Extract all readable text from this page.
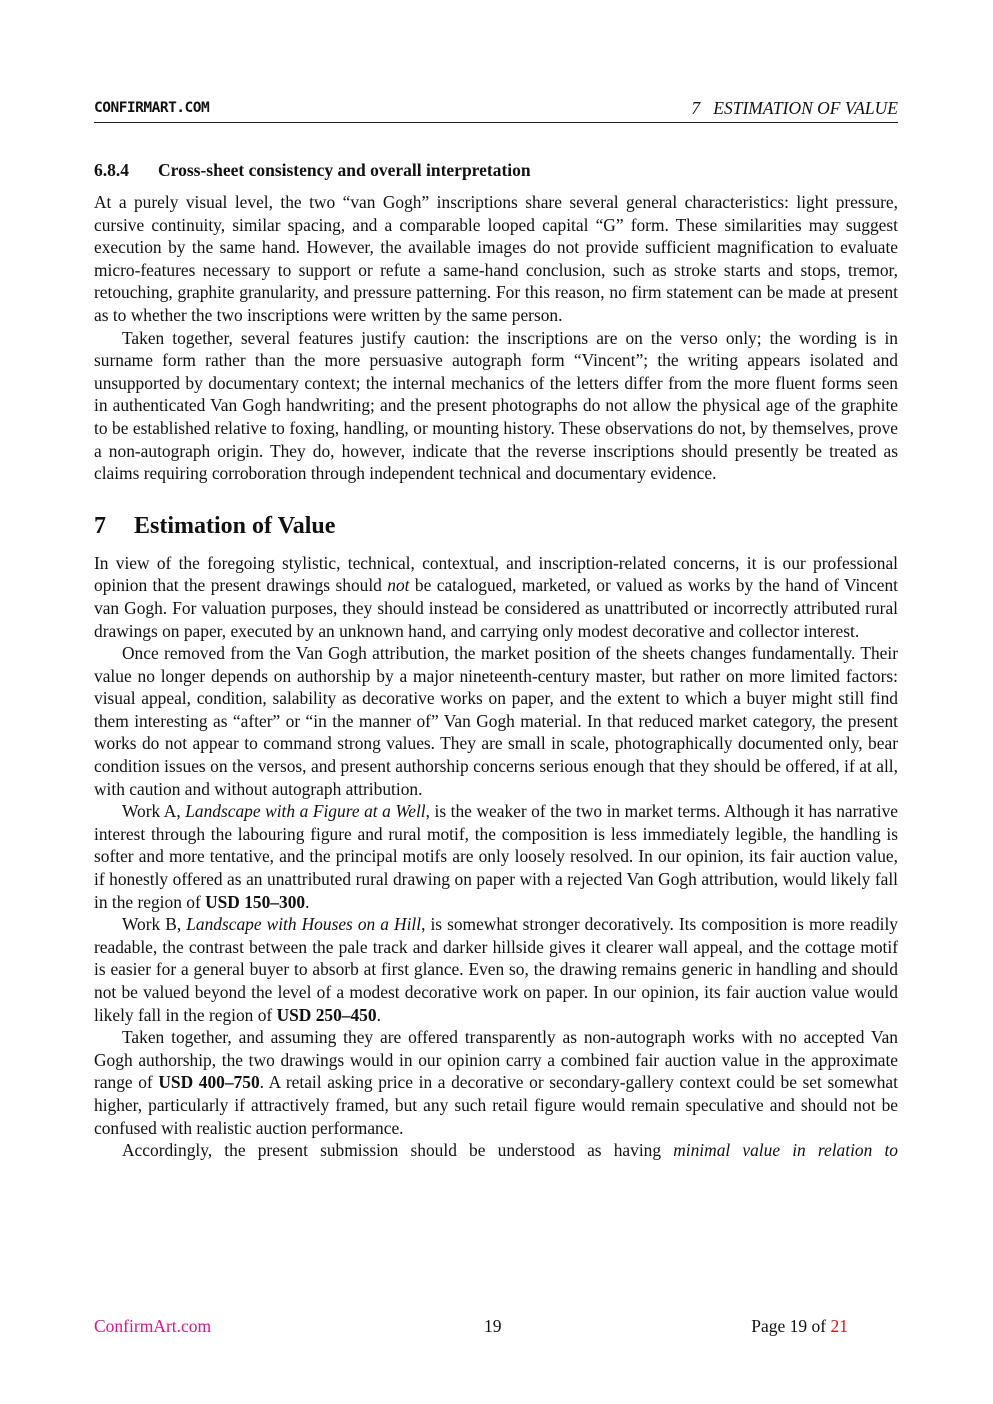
CONFIRMART.COM	7   ESTIMATION OF VALUE
6.8.4 Cross-sheet consistency and overall interpretation

At a purely visual level, the two “van Gogh” inscriptions share several general characteristics: light pressure, cursive continuity, similar spacing, and a comparable looped capital “G” form. These similarities may suggest execution by the same hand. However, the available images do not provide sufficient magnification to evaluate micro-features necessary to support or refute a same-hand conclusion, such as stroke starts and stops, tremor, retouching, graphite granularity, and pressure patterning. For this reason, no firm statement can be made at present as to whether the two inscriptions were written by the same person.

Taken together, several features justify caution: the inscriptions are on the verso only; the wording is in surname form rather than the more persuasive autograph form “Vincent”; the writing appears isolated and unsupported by documentary context; the internal mechanics of the letters differ from the more fluent forms seen in authenticated Van Gogh handwriting; and the present photographs do not allow the physical age of the graphite to be established relative to foxing, handling, or mounting history. These observations do not, by themselves, prove a non-autograph origin. They do, however, indicate that the reverse inscriptions should presently be treated as claims requiring corroboration through independent technical and documentary evidence.

7 Estimation of Value

In view of the foregoing stylistic, technical, contextual, and inscription-related concerns, it is our professional opinion that the present drawings should not be catalogued, marketed, or valued as works by the hand of Vincent van Gogh. For valuation purposes, they should instead be considered as unattributed or incorrectly attributed rural drawings on paper, executed by an unknown hand, and carrying only modest decorative and collector interest.

Once removed from the Van Gogh attribution, the market position of the sheets changes fundamentally. Their value no longer depends on authorship by a major nineteenth-century master, but rather on more limited factors: visual appeal, condition, salability as decorative works on paper, and the extent to which a buyer might still find them interesting as “after” or “in the manner of” Van Gogh material. In that reduced market category, the present works do not appear to command strong values. They are small in scale, photographically documented only, bear condition issues on the versos, and present authorship concerns serious enough that they should be offered, if at all, with caution and without autograph attribution.

Work A, Landscape with a Figure at a Well, is the weaker of the two in market terms. Although it has narrative interest through the labouring figure and rural motif, the composition is less immediately legible, the handling is softer and more tentative, and the principal motifs are only loosely resolved. In our opinion, its fair auction value, if honestly offered as an unattributed rural drawing on paper with a rejected Van Gogh attribution, would likely fall in the region of USD 150–300.

Work B, Landscape with Houses on a Hill, is somewhat stronger decoratively. Its composition is more readily readable, the contrast between the pale track and darker hillside gives it clearer wall appeal, and the cottage motif is easier for a general buyer to absorb at first glance. Even so, the drawing remains generic in handling and should not be valued beyond the level of a modest decorative work on paper. In our opinion, its fair auction value would likely fall in the region of USD 250–450.

Taken together, and assuming they are offered transparently as non-autograph works with no accepted Van Gogh authorship, the two drawings would in our opinion carry a combined fair auction value in the approximate range of USD 400–750. A retail asking price in a decorative or secondary-gallery context could be set somewhat higher, particularly if attractively framed, but any such retail figure would remain speculative and should not be confused with realistic auction performance.

Accordingly, the present submission should be understood as having minimal value in relation to

ConfirmArt.com	19	Page 19 of 21
